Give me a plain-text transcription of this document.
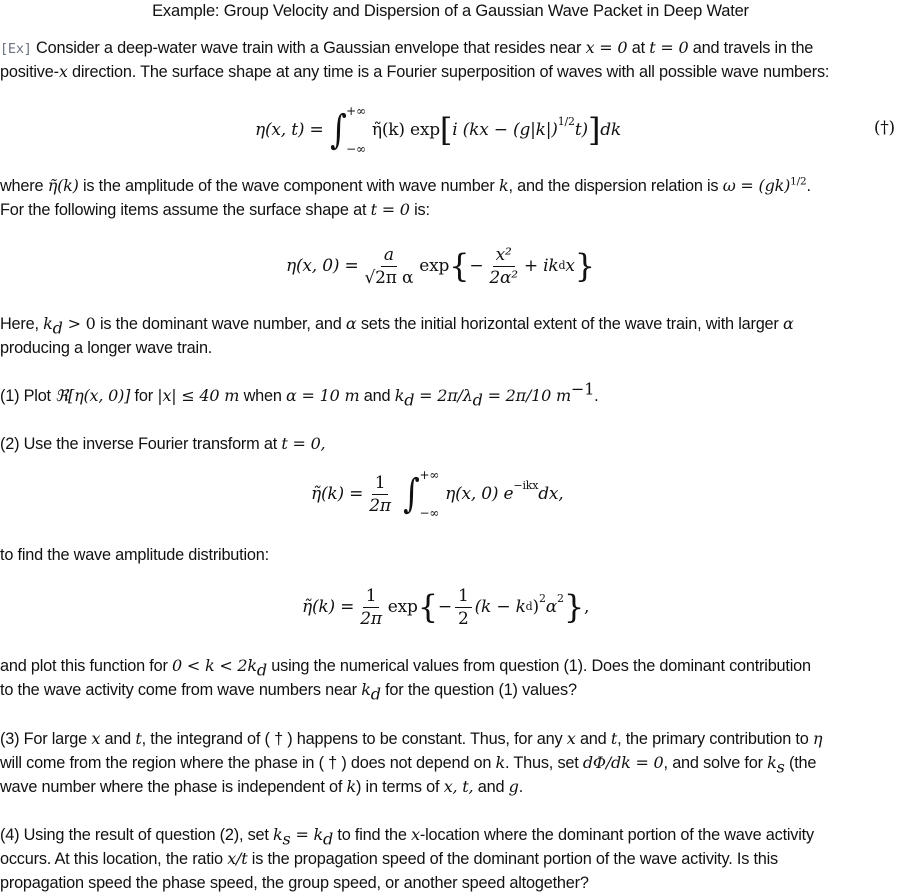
Example: Group Velocity and Dispersion of a Gaussian Wave Packet in Deep Water
[Ex] Consider a deep-water wave train with a Gaussian envelope that resides near x = 0 at t = 0 and travels in the
positive-x direction. The surface shape at any time is a Fourier superposition of waves with all possible wave numbers:
η(x, t) = ∫ +∞
−∞
η̃(k) exp [ i ($kx - (g|k|)^{1/2}$ t) ] dk	(†)
where η̃(k) is the amplitude of the wave component with wave number k, and the dispersion relation is ω = (gk)$^{1/2}$.
For the following items assume the surface shape at t = 0 is:
η(x, $0) = \frac{a}{\text{√2π α}}$ exp { − $\frac{\text{x²}}{\text{2α²}}$ + ik d x }
Here, $k_d > 0$ is the dominant wave number, and α sets the initial horizontal extent of the wave train, with larger α
producing a longer wave train.
(1) Plot ℜ[η(x, 0)] for |x| ≤ 40 m when α = 10 m and $k_d = 2\pi/\lambda_d = 2\pi/10$ $m^{-1}$.
(2) Use the inverse Fourier transform at t = 0,
η̃(k) = $\frac{1}{2\pi}$ ∫ +∞
−∞
η(x, 0) $e^{-ikx}$ dx,
to find the wave amplitude distribution:
η̃(k) = $\frac{1}{2\pi}$ exp { − $\frac{1}{2} (k - k$ d )$^2$ $\alpha^2$ } ,
and plot this function for $0 < k < 2k_d$ using the numerical values from question (1). Does the dominant contribution
to the wave activity come from wave numbers near $k_d$ for the question (1) values?
(3) For large x and t, the integrand of ( † ) happens to be constant. Thus, for any x and t, the primary contribution to η
will come from the region where the phase in ( † ) does not depend on k. Thus, set dΦ/dk = 0, and solve for $k_s$ (the
wave number where the phase is independent of k) in terms of x, t, and g.
(4) Using the result of question (2), set $k_s = k_d$ to find the x-location where the dominant portion of the wave activity
occurs. At this location, the ratio x/t is the propagation speed of the dominant portion of the wave activity. Is this
propagation speed the phase speed, the group speed, or another speed altogether?
